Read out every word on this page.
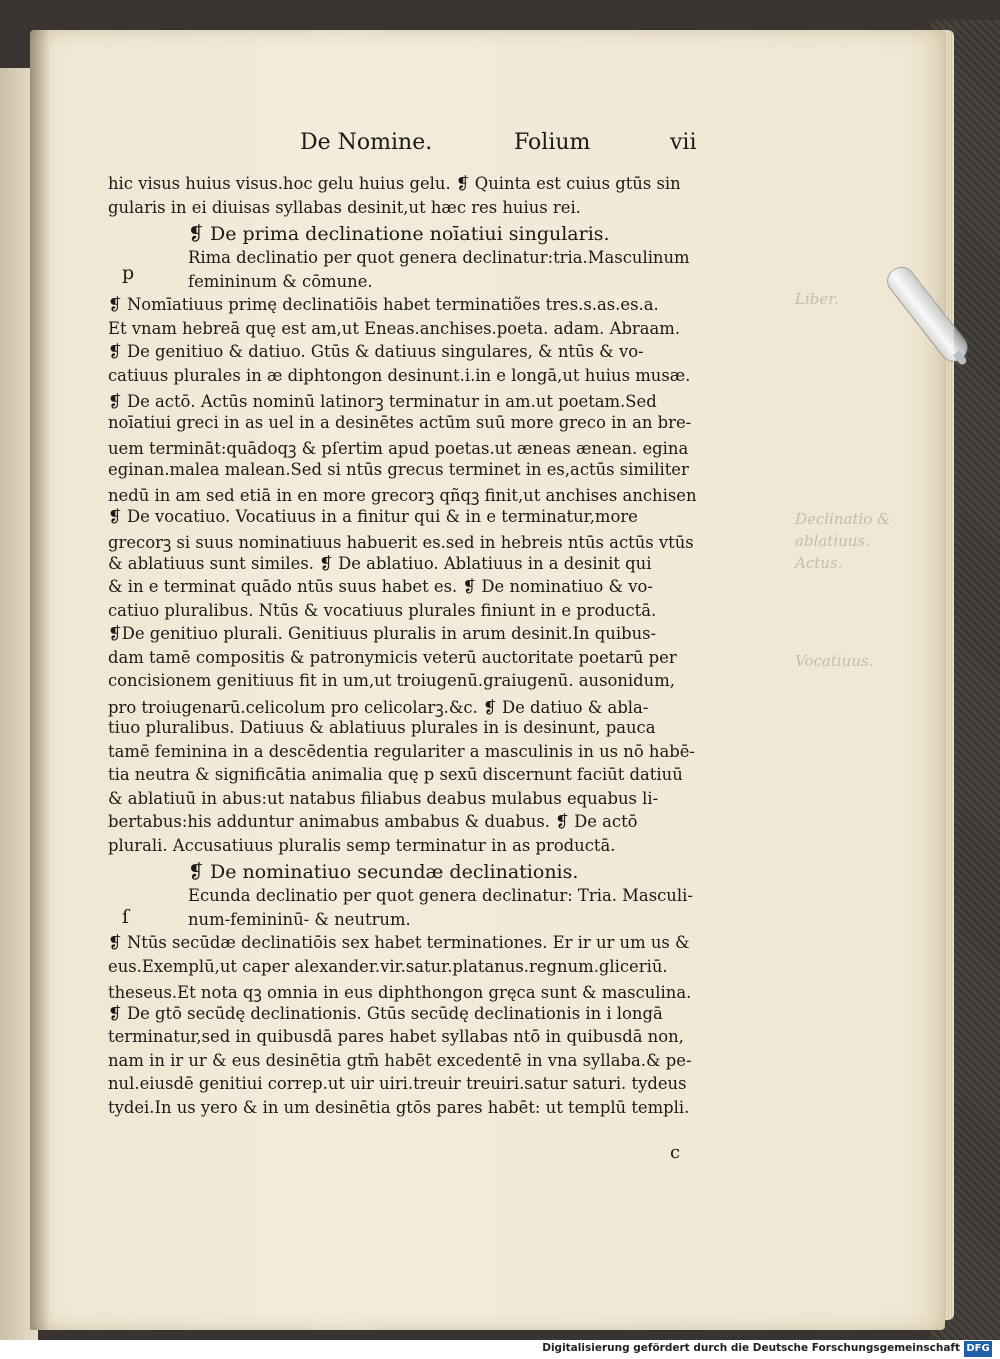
Liber.
Declinatio &
ablatiuus.
Actus.
Vocatiuus.
De Nomine.	Folium	vii
p
ſ
hic visus huius visus.hoc gelu huius gelu. ❡ Quinta est cuius gtūs sin
gularis in ei diuisas syllabas desinit,ut hæc res huius rei.
❡ De prima declinatione noīatiui singularis.
Rima declinatio per quot genera declinatur:tria.Masculinum
femininum & cōmune.
❡ Nomīatiuus primę declinatiōis habet terminatiões tres.s.as.es.a.
Et vnam hebreā quę est am,ut Eneas.anchises.poeta. adam. Abraam.
❡ De genitiuo & datiuo. Gtūs & datiuus singulares, & ntūs & vo-
catiuus plurales in æ diphtongon desinunt.i.in e longā,ut huius musæ.
❡ De actō. Actūs nominū latinorꝫ terminatur in am.ut poetam.Sed
noīatiui greci in as uel in a desinētes actūm suū more greco in an bre-
uem termināt:quādoqꝫ & pſertim apud poetas.ut æneas ænean. egina
eginan.malea malean.Sed si ntūs grecus terminet in es,actūs similiter
nedū in am sed etiā in en more grecorꝫ qñqꝫ finit,ut anchises anchisen
❡ De vocatiuo. Vocatiuus in a finitur qui & in e terminatur,more
grecorꝫ si suus nominatiuus habuerit es.sed in hebreis ntūs actūs vtūs
& ablatiuus sunt similes. ❡ De ablatiuo. Ablatiuus in a desinit qui
& in e terminat quādo ntūs suus habet es. ❡ De nominatiuo & vo-
catiuo pluralibus. Ntūs & vocatiuus plurales finiunt in e productā.
❡De genitiuo plurali. Genitiuus pluralis in arum desinit.In quibus-
dam tamē compositis & patronymicis veterū auctoritate poetarū per
concisionem genitiuus fit in um,ut troiugenū.graiugenū. ausonidum,
pro troiugenarū.celicolum pro celicolarꝫ.&c. ❡ De datiuo & abla-
tiuo pluralibus. Datiuus & ablatiuus plurales in is desinunt, pauca
tamē feminina in a descēdentia regulariter a masculinis in us nō habē-
tia neutra & significātia animalia quę p sexū discernunt faciūt datiuū
& ablatiuū in abus:ut natabus filiabus deabus mulabus equabus li-
bertabus:his adduntur animabus ambabus & duabus. ❡ De actō
plurali. Accusatiuus pluralis semp terminatur in as productā.
❡ De nominatiuo secundæ declinationis.
Ecunda declinatio per quot genera declinatur: Tria. Masculi-
num-femininū- & neutrum.
❡ Ntūs secūdæ declinatiōis sex habet terminationes. Er ir ur um us &
eus.Exemplū,ut caper alexander.vir.satur.platanus.regnum.gliceriū.
theseus.Et nota qꝫ omnia in eus diphthongon gręca sunt & masculina.
❡ De gtō secūdę declinationis. Gtūs secūdę declinationis in i longā
terminatur,sed in quibusdā pares habet syllabas ntō in quibusdā non,
nam in ir ur & eus desinētia gtm̄ habēt excedentē in vna syllaba.& pe-
nul.eiusdē genitiui correp.ut uir uiri.treuir treuiri.satur saturi. tydeus
tydei.In us yero & in um desinētia gtōs pares habēt: ut templū templi.
c
Digitalisierung gefördert durch die Deutsche Forschungsgemeinschaft DFG
